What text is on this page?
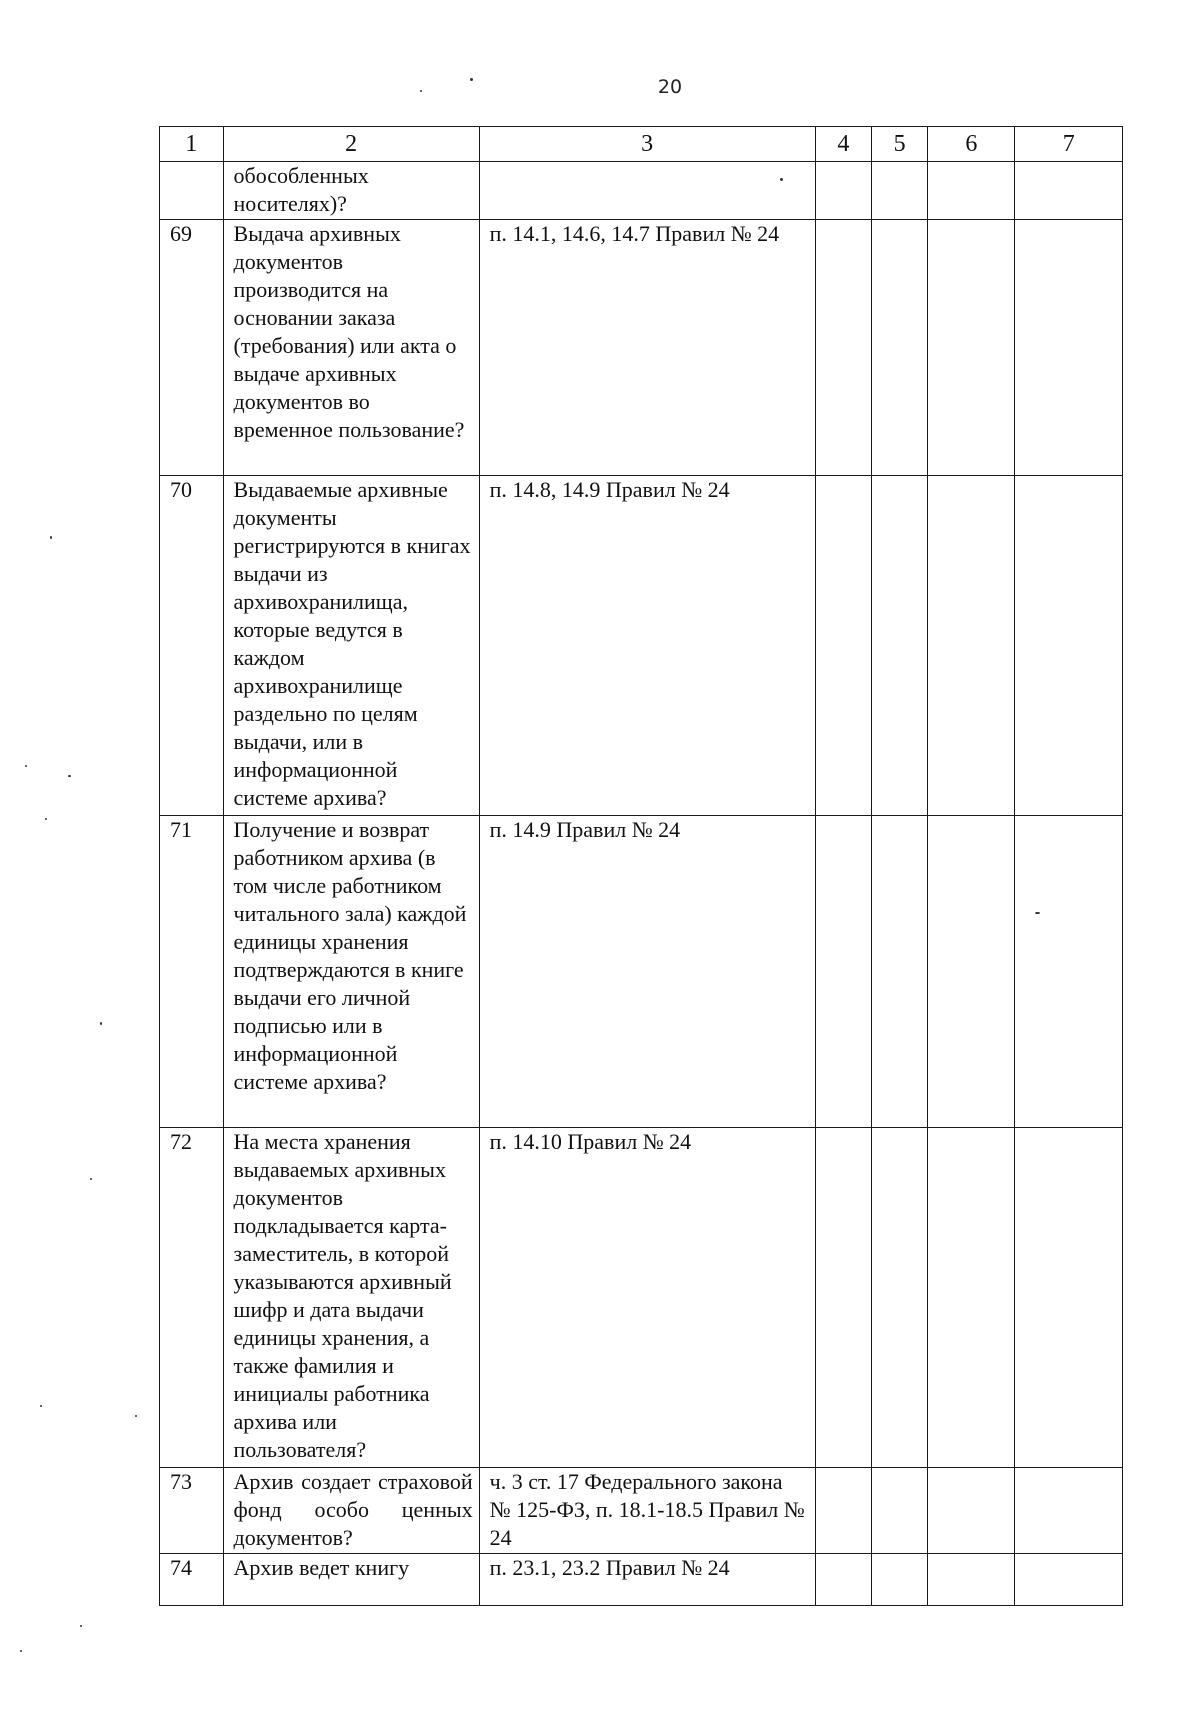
20
1	2	3	4	5	6	7
	обособленных носителях)?					
69	Выдача архивных документов производится на основании заказа (требования) или акта о выдаче архивных документов во временное пользование?	п. 14.1, 14.6, 14.7 Правил № 24				
70	Выдаваемые архивные документы регистрируются в книгах выдачи из архивохранилища, которые ведутся в каждом архивохранилище раздельно по целям выдачи, или в информационной системе архива?	п. 14.8, 14.9 Правил № 24				
71	Получение и возврат работником архива (в том числе работником читального зала) каждой единицы хранения подтверждаются в книге выдачи его личной подписью или в информационной системе архива?	п. 14.9 Правил № 24				
72	На места хранения выдаваемых архивных документов подкладывается карта-заместитель, в которой указываются архивный шифр и дата выдачи единицы хранения, а также фамилия и инициалы работника архива или пользователя?	п. 14.10 Правил № 24				
73	Архив создает страховой фонд особо ценных документов?	ч. 3 ст. 17 Федерального закона № 125-ФЗ, п. 18.1-18.5 Правил № 24				
74	Архив ведет книгу	п. 23.1, 23.2 Правил № 24				
